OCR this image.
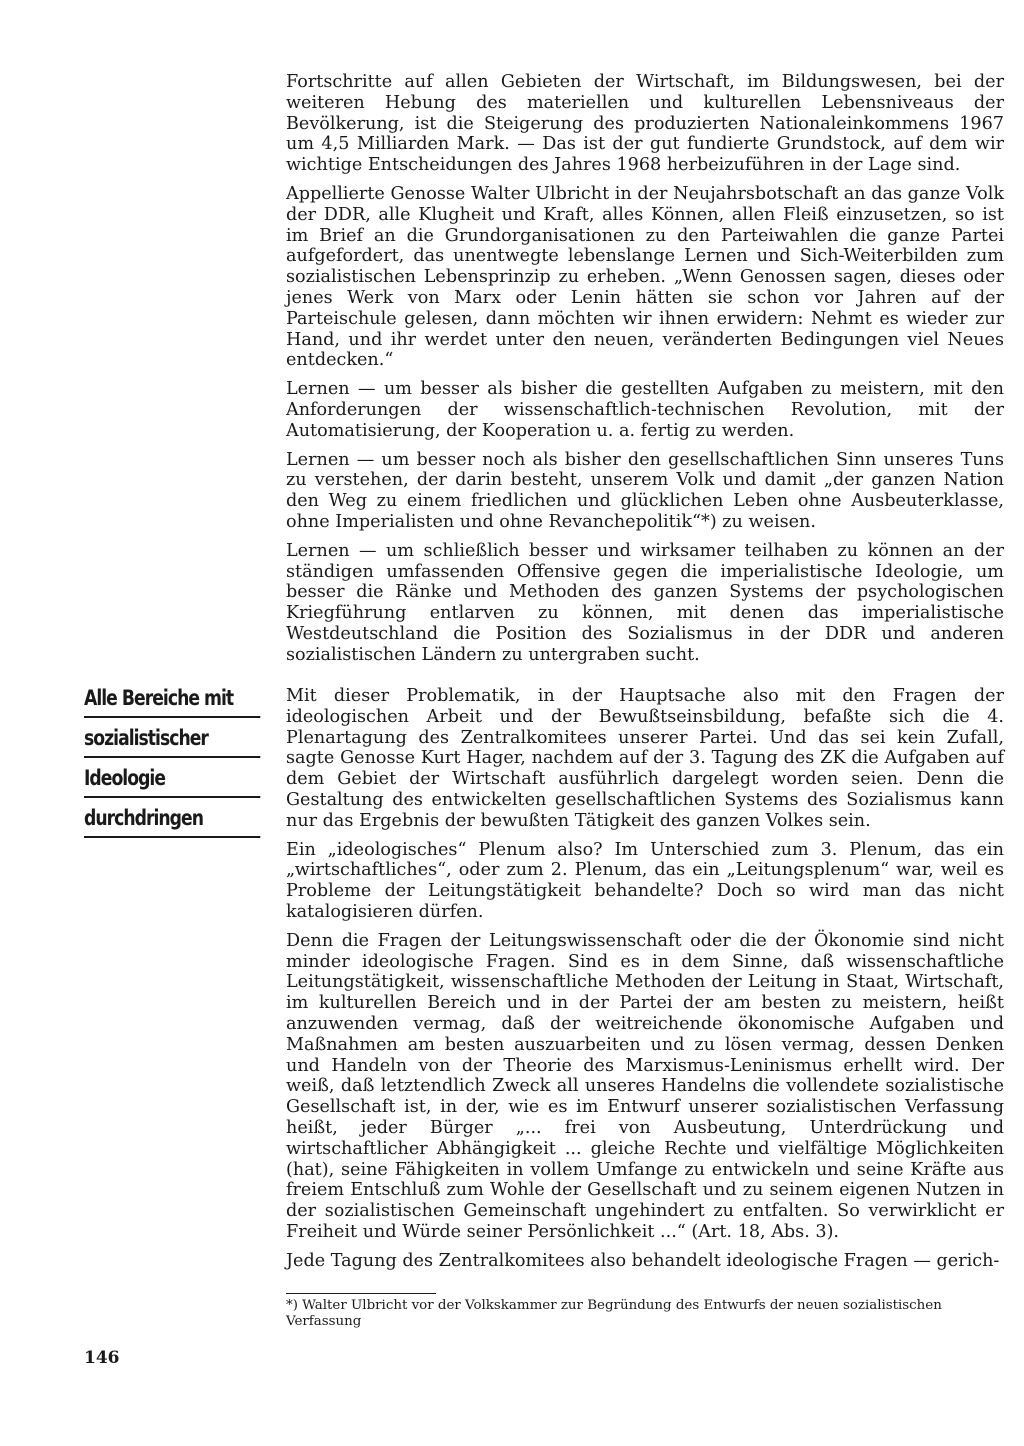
Fortschritte auf allen Gebieten der Wirtschaft, im Bildungswesen, bei der weiteren Hebung des materiellen und kulturellen Lebensniveaus der Bevölkerung, ist die Steigerung des produzierten Nationaleinkommens 1967 um 4,5 Milliarden Mark. — Das ist der gut fundierte Grundstock, auf dem wir wichtige Entscheidungen des Jahres 1968 herbeizuführen in der Lage sind.

Appellierte Genosse Walter Ulbricht in der Neujahrsbotschaft an das ganze Volk der DDR, alle Klugheit und Kraft, alles Können, allen Fleiß einzusetzen, so ist im Brief an die Grundorganisationen zu den Parteiwahlen die ganze Partei aufgefordert, das unentwegte lebenslange Lernen und Sich-Weiterbilden zum sozialistischen Lebensprinzip zu erheben. „Wenn Genossen sagen, dieses oder jenes Werk von Marx oder Lenin hätten sie schon vor Jahren auf der Parteischule gelesen, dann möchten wir ihnen erwidern: Nehmt es wieder zur Hand, und ihr werdet unter den neuen, veränderten Bedingungen viel Neues entdecken.“

Lernen — um besser als bisher die gestellten Aufgaben zu meistern, mit den Anforderungen der wissenschaftlich-technischen Revolution, mit der Automatisierung, der Kooperation u. a. fertig zu werden.

Lernen — um besser noch als bisher den gesellschaftlichen Sinn unseres Tuns zu verstehen, der darin besteht, unserem Volk und damit „der ganzen Nation den Weg zu einem friedlichen und glücklichen Leben ohne Ausbeuterklasse, ohne Imperialisten und ohne Revanchepolitik“*) zu weisen.

Lernen — um schließlich besser und wirksamer teilhaben zu können an der ständigen umfassenden Offensive gegen die imperialistische Ideologie, um besser die Ränke und Methoden des ganzen Systems der psychologischen Kriegführung entlarven zu können, mit denen das imperialistische Westdeutschland die Position des Sozialismus in der DDR und anderen sozialistischen Ländern zu untergraben sucht.

Alle Bereiche mit
sozialistischer
Ideologie
durchdringen

Mit dieser Problematik, in der Hauptsache also mit den Fragen der ideologischen Arbeit und der Bewußtseinsbildung, befaßte sich die 4. Plenartagung des Zentralkomitees unserer Partei. Und das sei kein Zufall, sagte Genosse Kurt Hager, nachdem auf der 3. Tagung des ZK die Aufgaben auf dem Gebiet der Wirtschaft ausführlich dargelegt worden seien. Denn die Gestaltung des entwickelten gesellschaftlichen Systems des Sozialismus kann nur das Ergebnis der bewußten Tätigkeit des ganzen Volkes sein.

Ein „ideologisches“ Plenum also? Im Unterschied zum 3. Plenum, das ein „wirtschaftliches“, oder zum 2. Plenum, das ein „Leitungsplenum“ war, weil es Probleme der Leitungstätigkeit behandelte? Doch so wird man das nicht katalogisieren dürfen.

Denn die Fragen der Leitungswissenschaft oder die der Ökonomie sind nicht minder ideologische Fragen. Sind es in dem Sinne, daß wissenschaftliche Leitungstätigkeit, wissenschaftliche Methoden der Leitung in Staat, Wirtschaft, im kulturellen Bereich und in der Partei der am besten zu meistern, heißt anzuwenden vermag, daß der weitreichende ökonomische Aufgaben und Maßnahmen am besten auszuarbeiten und zu lösen vermag, dessen Denken und Handeln von der Theorie des Marxismus-Leninismus erhellt wird. Der weiß, daß letztendlich Zweck all unseres Handelns die vollendete sozialistische Gesellschaft ist, in der, wie es im Entwurf unserer sozialistischen Verfassung heißt, jeder Bürger „... frei von Ausbeutung, Unterdrückung und wirtschaftlicher Abhängigkeit ... gleiche Rechte und vielfältige Möglichkeiten (hat), seine Fähigkeiten in vollem Umfange zu entwickeln und seine Kräfte aus freiem Entschluß zum Wohle der Gesellschaft und zu seinem eigenen Nutzen in der sozialistischen Gemeinschaft ungehindert zu entfalten. So verwirklicht er Freiheit und Würde seiner Persönlichkeit ...“ (Art. 18, Abs. 3).

Jede Tagung des Zentralkomitees also behandelt ideologische Fragen — gerich-

*) Walter Ulbricht vor der Volkskammer zur Begründung des Entwurfs der neuen sozialistischen Verfassung

146
